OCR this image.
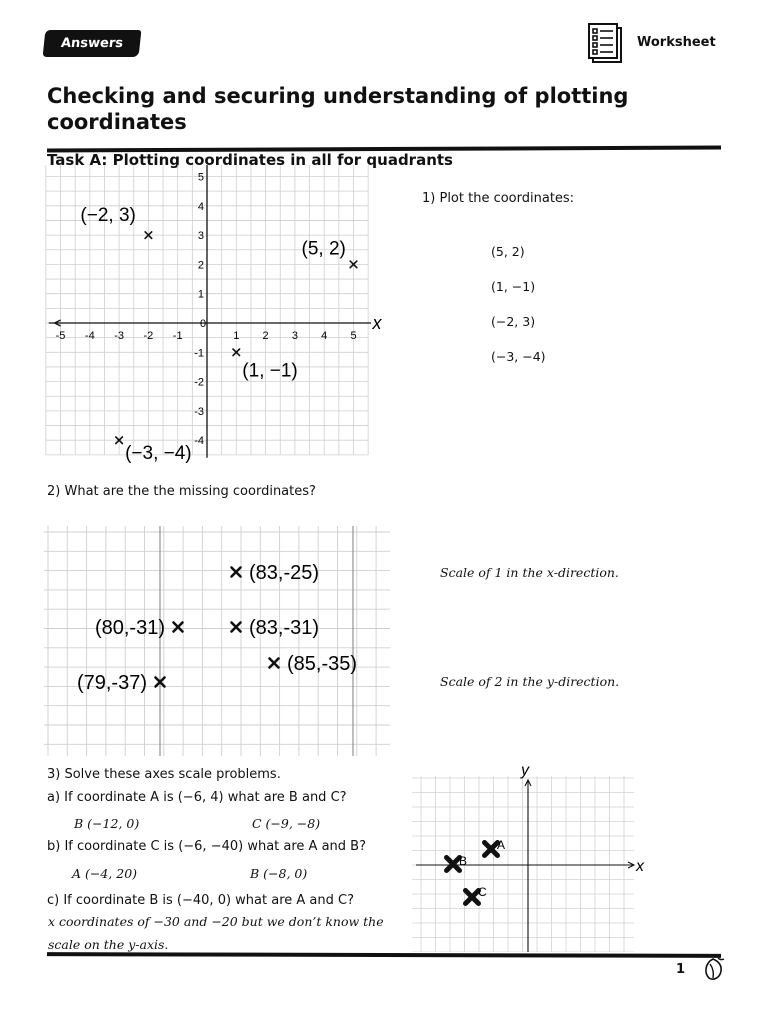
Answers	Worksheet
Checking and securing understanding of plotting coordinates
Task A: Plotting coordinates in all for quadrants
x
-5 -4 -3 -2 -1
0
1 2 3 4 5
5
4
3
2
1
-1
-2
-3
-4
(−2, 3)
(5, 2)
(1, −1)
(−3, −4)
1) Plot the coordinates:
(5, 2)
(1, −1)
(−2, 3)
(−3, −4)
2) What are the the missing coordinates?
(83,-25)
(80,-31)	(83,-31)
(85,-35)
(79,-37)
Scale of 1 in the x-direction.
Scale of 2 in the y-direction.
3) Solve these axes scale problems.
a) If coordinate A is (−6, 4) what are B and C?
B (−12, 0)	C (−9, −8)
b) If coordinate C is (−6, −40) what are A and B?
A (−4, 20)	B (−8, 0)
c) If coordinate B is (−40, 0) what are A and C?
x coordinates of −30 and −20 but we don’t know the
scale on the y-axis.
x
y
A
B
C
1
